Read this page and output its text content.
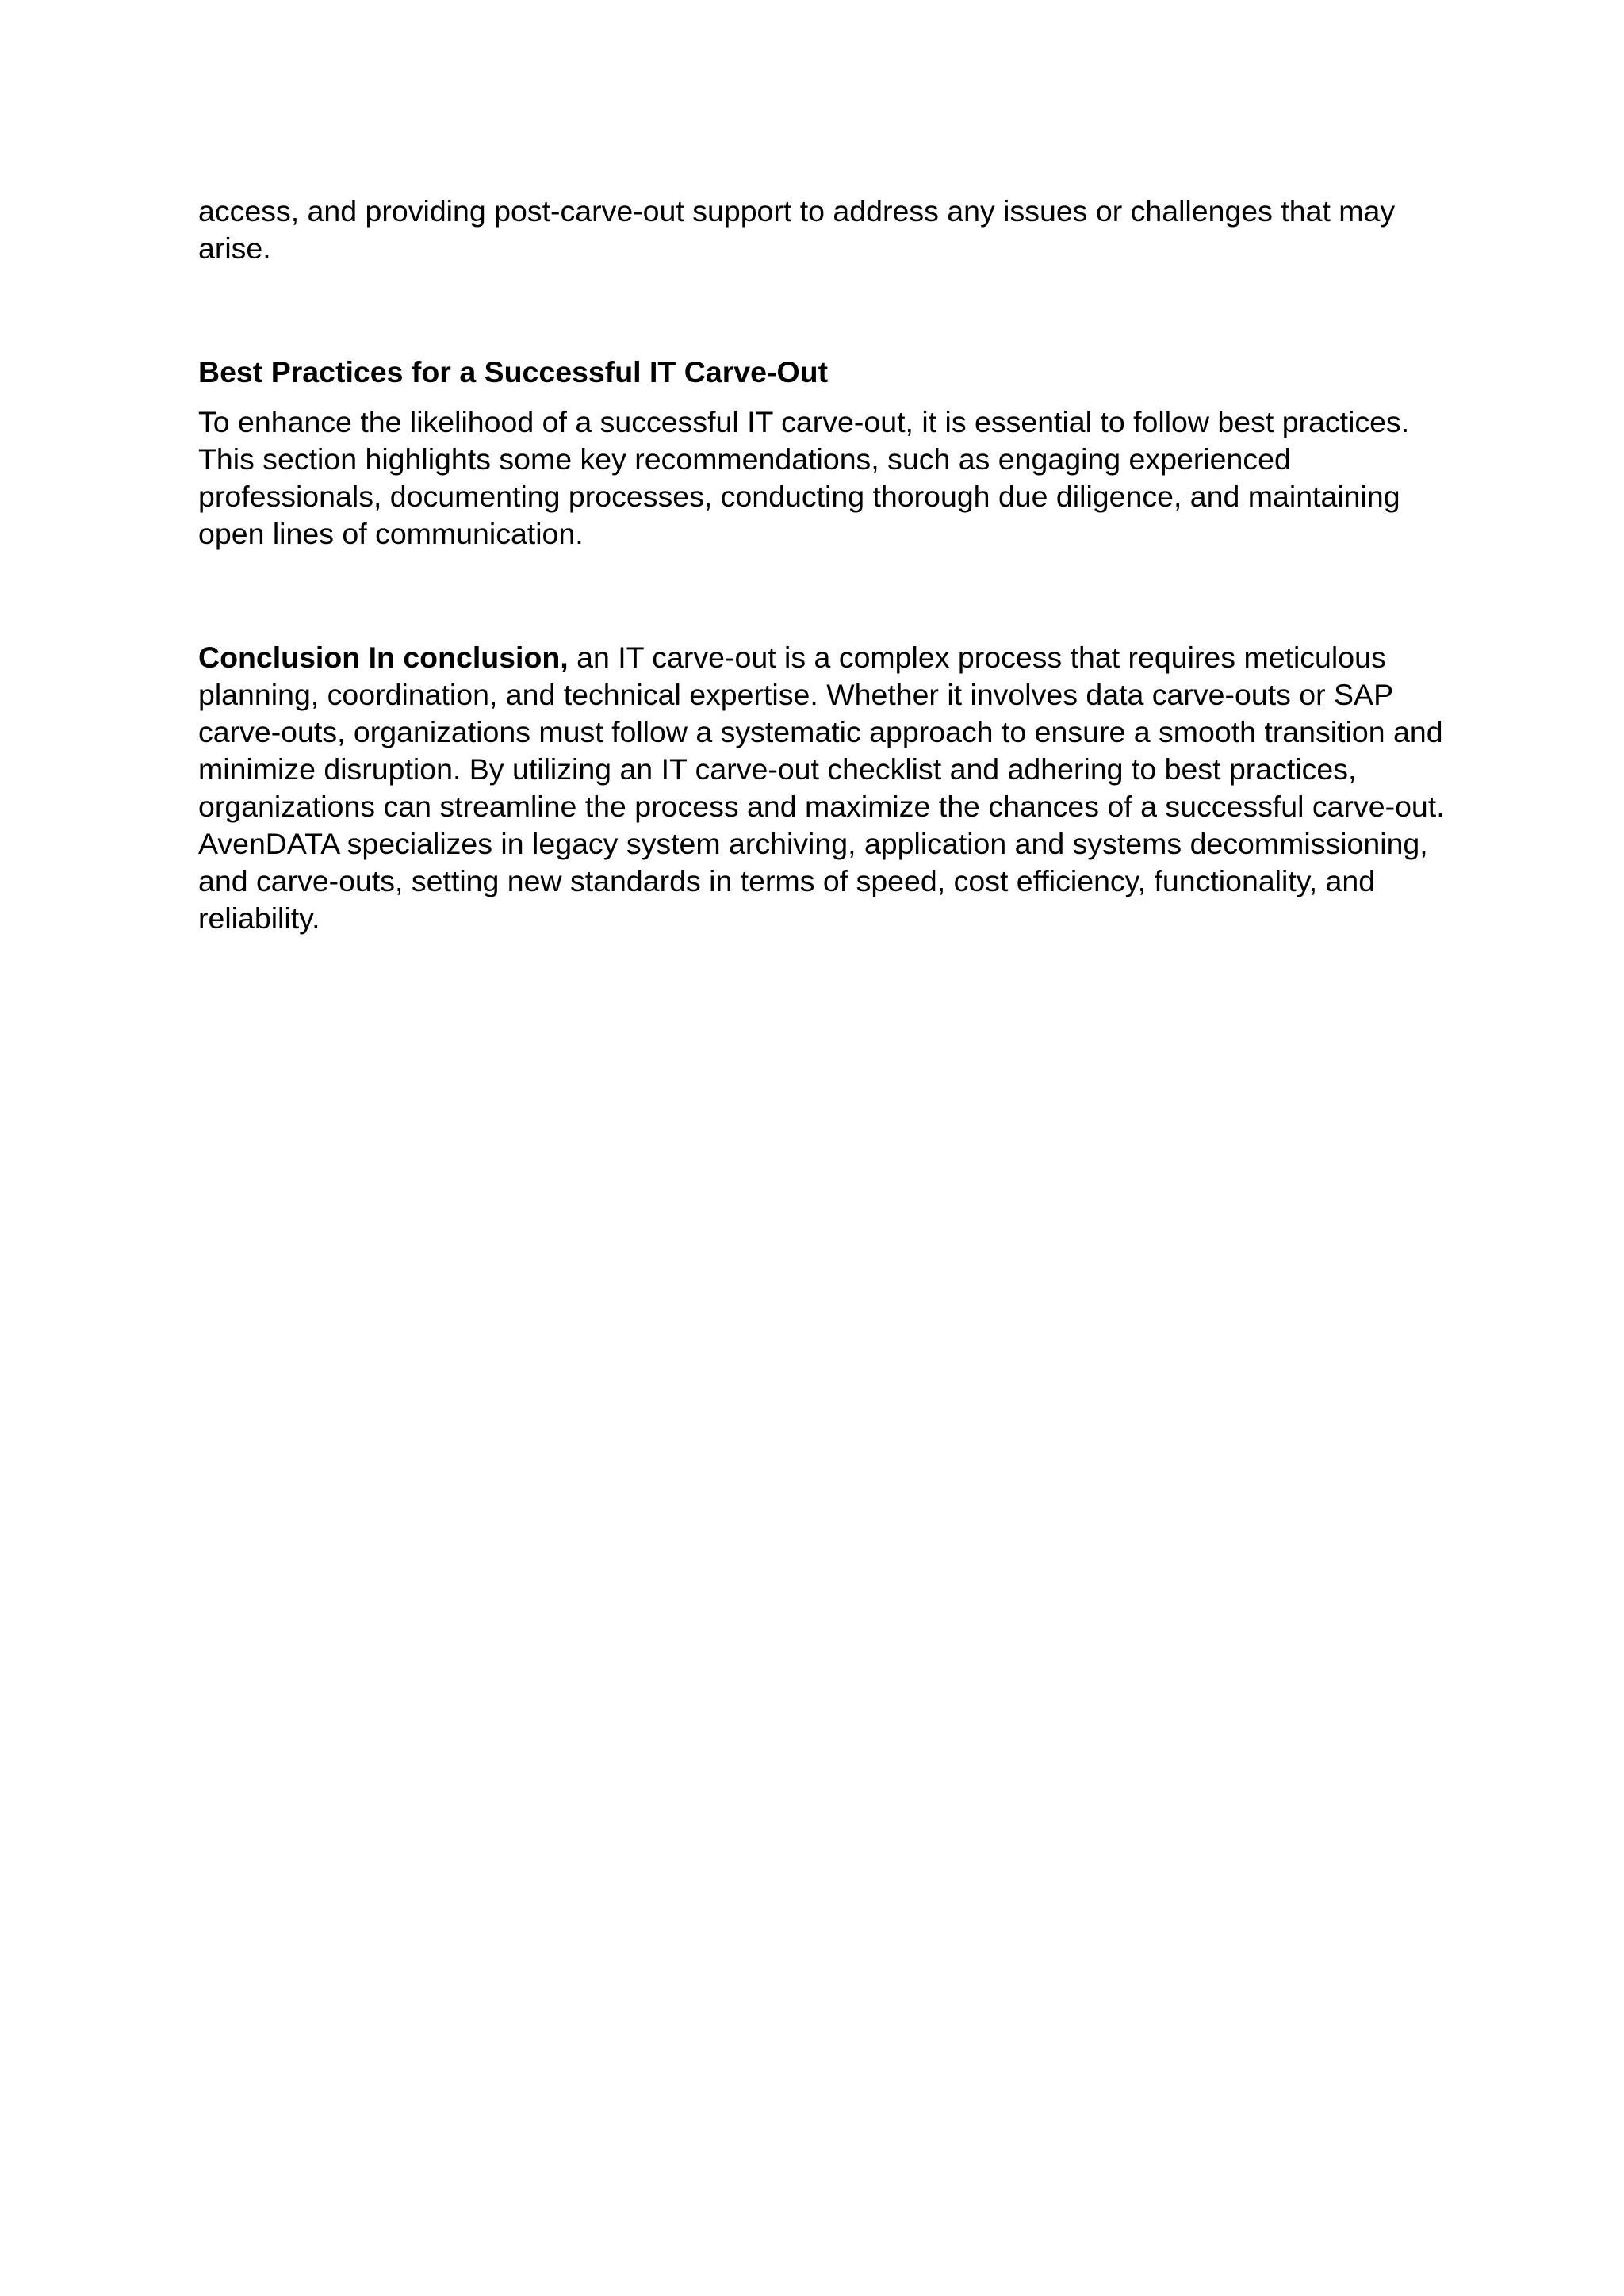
access, and providing post-carve-out support to address any issues or challenges that may arise.

Best Practices for a Successful IT Carve-Out

To enhance the likelihood of a successful IT carve-out, it is essential to follow best practices. This section highlights some key recommendations, such as engaging experienced professionals, documenting processes, conducting thorough due diligence, and maintaining open lines of communication.

Conclusion In conclusion, an IT carve-out is a complex process that requires meticulous planning, coordination, and technical expertise. Whether it involves data carve-outs or SAP carve-outs, organizations must follow a systematic approach to ensure a smooth transition and minimize disruption. By utilizing an IT carve-out checklist and adhering to best practices, organizations can streamline the process and maximize the chances of a successful carve-out. AvenDATA specializes in legacy system archiving, application and systems decommissioning, and carve-outs, setting new standards in terms of speed, cost efficiency, functionality, and reliability.
